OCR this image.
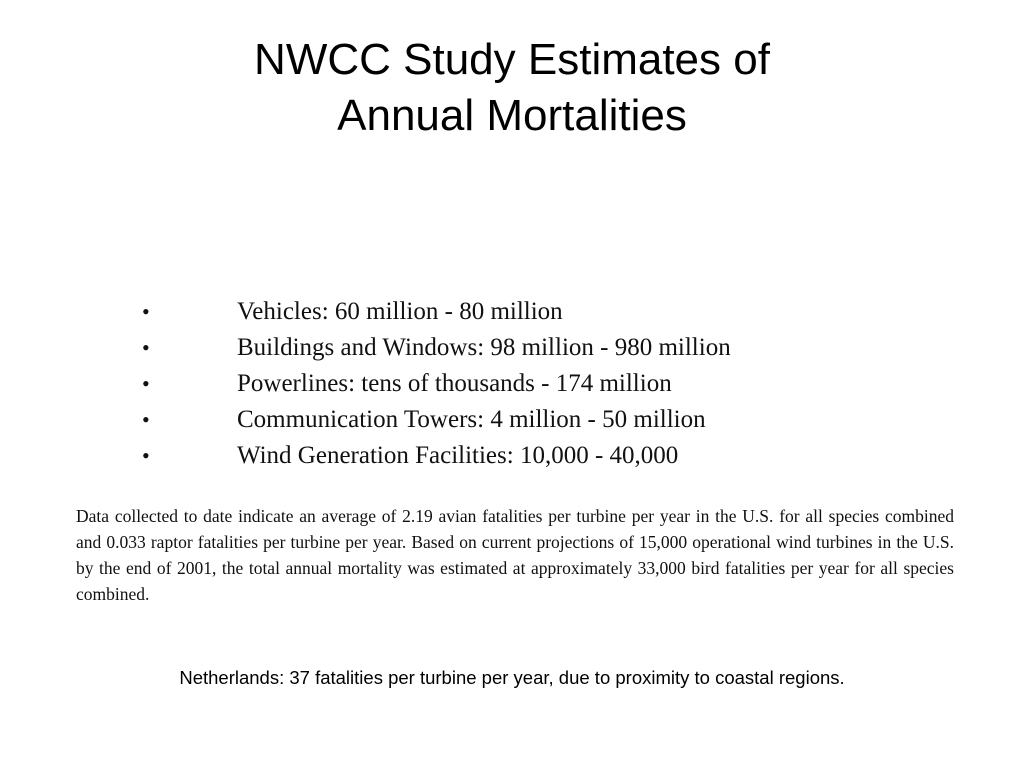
NWCC Study Estimates of
Annual Mortalities
•	Vehicles: 60 million - 80 million
•	Buildings and Windows: 98 million - 980 million
•	Powerlines: tens of thousands - 174 million
•	Communication Towers: 4 million - 50 million
•	Wind Generation Facilities: 10,000 - 40,000

Data collected to date indicate an average of 2.19 avian fatalities per turbine per year in the U.S. for all species combined and 0.033 raptor fatalities per turbine per year. Based on current projections of 15,000 operational wind turbines in the U.S. by the end of 2001, the total annual mortality was estimated at approximately 33,000 bird fatalities per year for all species combined.

Netherlands: 37 fatalities per turbine per year, due to proximity to coastal regions.
